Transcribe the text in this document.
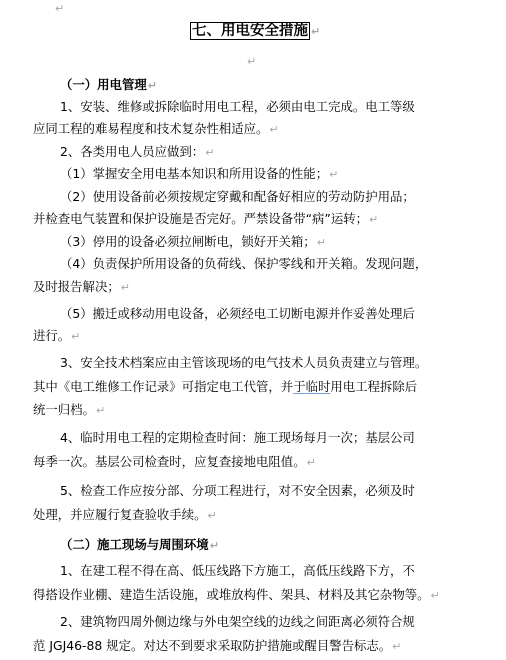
↵
七、用电安全措施 ↵
↵
（一）用电管理↵
1、安装、维修或拆除临时用电工程，必须由电工完成。电工等级
应同工程的难易程度和技术复杂性相适应。↵
2、各类用电人员应做到：↵
（1）掌握安全用电基本知识和所用设备的性能；↵
（2）使用设备前必须按规定穿戴和配备好相应的劳动防护用品；
并检查电气装置和保护设施是否完好。严禁设备带“病”运转；↵
（3）停用的设备必须拉闸断电，锁好开关箱；↵
（4）负责保护所用设备的负荷线、保护零线和开关箱。发现问题，
及时报告解决；↵
（5）搬迁或移动用电设备，必须经电工切断电源并作妥善处理后
进行。↵
3、安全技术档案应由主管该现场的电气技术人员负责建立与管理。
其中《电工维修工作记录》可指定电工代管，并于临时用电工程拆除后
统一归档。↵
4、临时用电工程的定期检查时间：施工现场每月一次；基层公司
每季一次。基层公司检查时，应复查接地电阻值。↵
5、检查工作应按分部、分项工程进行，对不安全因素，必须及时
处理，并应履行复查验收手续。↵
（二）施工现场与周围环境↵
1、在建工程不得在高、低压线路下方施工，高低压线路下方，不
得搭设作业棚、建造生活设施，或堆放构件、架具、材料及其它杂物等。↵
2、建筑物四周外侧边缘与外电架空线的边线之间距离必须符合规
范 JGJ46-88 规定。对达不到要求采取防护措施或醒目警告标志。↵
